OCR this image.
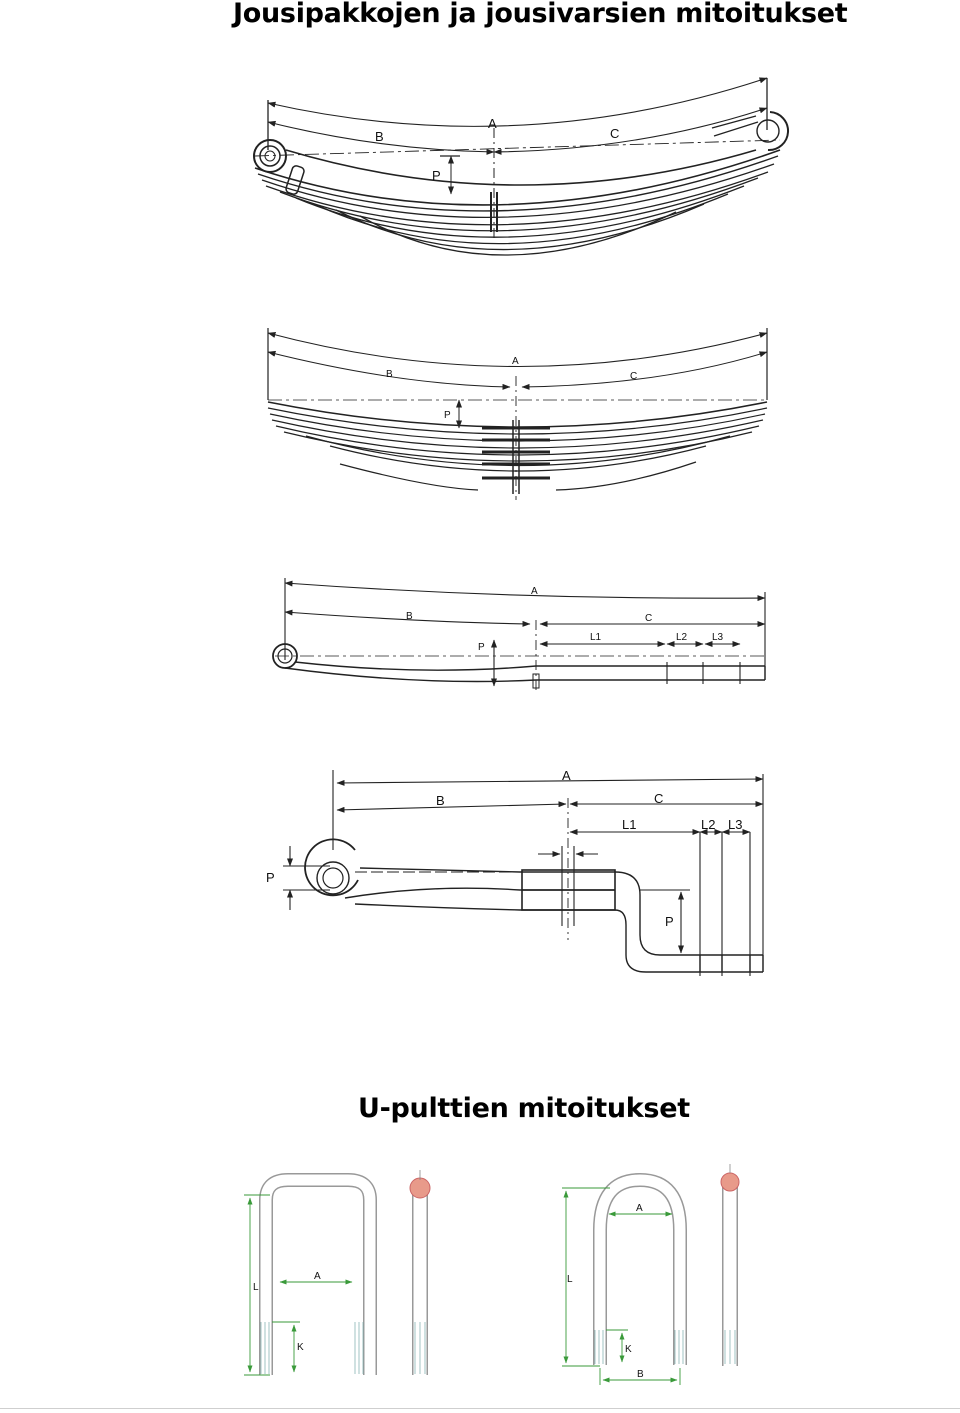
Jousipakkojen ja jousivarsien mitoitukset
U-pulttien mitoitukset
A
B	C
P
A
B	C
P
A
B	C
P
L1	L2 L3
A
B	C
P
P
L1	L2 L3
L
A
K
L
A
K
B
